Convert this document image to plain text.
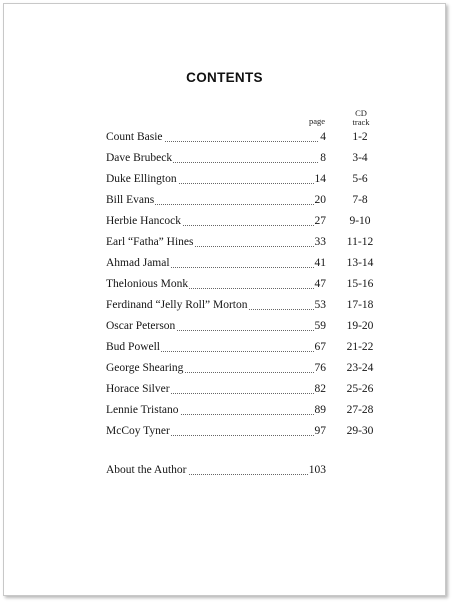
CONTENTS
page
CD
track
Count Basie	4	1-2
Dave Brubeck	8	3-4
Duke Ellington	14	5-6
Bill Evans	20	7-8
Herbie Hancock	27	9-10
Earl “Fatha” Hines	33	11-12
Ahmad Jamal	41	13-14
Thelonious Monk	47	15-16
Ferdinand “Jelly Roll” Morton	53	17-18
Oscar Peterson	59	19-20
Bud Powell	67	21-22
George Shearing	76	23-24
Horace Silver	82	25-26
Lennie Tristano	89	27-28
McCoy Tyner	97	29-30
About the Author	103
